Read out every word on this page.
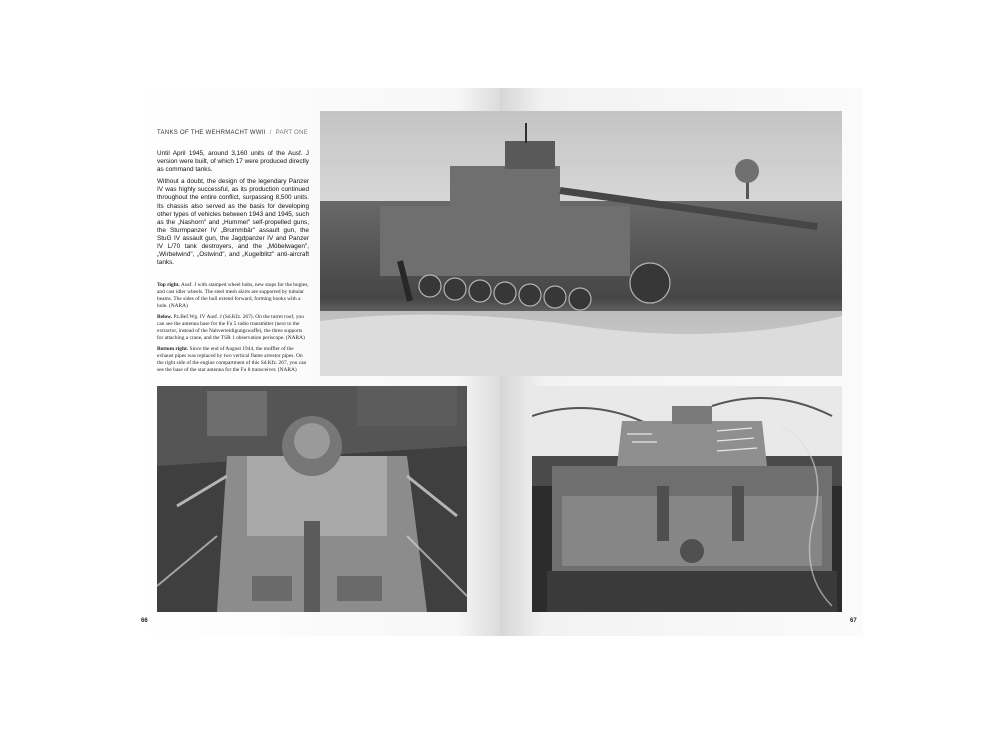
TANKS OF THE WEHRMACHT WWII / PART ONE

Until April 1945, around 3,160 units of the Ausf. J version were built, of which 17 were produced directly as command tanks.

Without a doubt, the design of the legendary Panzer IV was highly successful, as its production continued throughout the entire conflict, surpassing 8,500 units. Its chassis also served as the basis for developing other types of vehicles between 1943 and 1945, such as the „Nashorn" and „Hummel" self-propelled guns, the Sturmpanzer IV „Brummbär" assault gun, the StuG IV assault gun, the Jagdpanzer IV and Panzer IV L/70 tank destroyers, and the „Möbelwagen", „Wirbelwind", „Ostwind", and „Kugelblitz" anti-aircraft tanks.

Top right. Ausf. J with stamped wheel hubs, new stops for the bogies, and cast idler wheels. The steel mesh skirts are supported by tubular beams. The sides of the hull extend forward, forming hooks with a hole. (NARA)

Below. Pz.Bef.Wg. IV Ausf. J (Sd.Kfz. 267). On the turret roof, you can see the antenna base for the Fu 5 radio transmitter (next to the extractor, instead of the Nahverteidigungswaffe), the three supports for attaching a crane, and the TSR 1 observation periscope. (NARA)

Bottom right. Since the end of August 1944, the muffler of the exhaust pipes was replaced by two vertical flame arrestor pipes. On the right side of the engine compartment of this Sd.Kfz. 267, you can see the base of the star antenna for the Fu 8 transceiver. (NARA)

66	67
